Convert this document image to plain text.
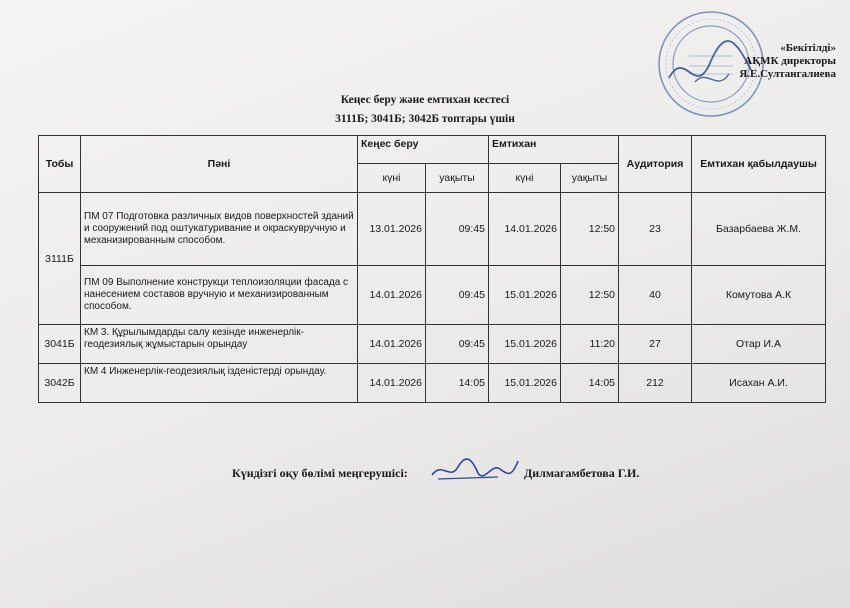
«Бекітілді»
АҚМК директоры
Я.Е.Султангалиева
Кеңес беру және емтихан кестесі
3111Б; 3041Б; 3042Б топтары үшін
Тобы	Пәні	Кеңес беру		Емтихан		Аудитория	Емтихан қабылдаушы
		күні	уақыты	күні	уақыты		
3111Б	ПМ 07 Подготовка различных видов поверхностей зданий и сооружений под оштукатуривание и окраскувручную и механизированным способом.	13.01.2026	09:45	14.01.2026	12:50	23	Базарбаева Ж.М.
	ПМ 09 Выполнение конструкци теплоизоляции фасада с нанесением составов вручную и механизированным способом.	14.01.2026	09:45	15.01.2026	12:50	40	Комутова А.К
3041Б	КМ 3. Құрылымдарды салу кезінде инженерлік-геодезиялық жұмыстарын орындау	14.01.2026	09:45	15.01.2026	11:20	27	Отар И.А
3042Б	КМ 4 Инженерлік-геодезиялық ізденістерді орындау.	14.01.2026	14:05	15.01.2026	14:05	212	Исахан А.И.
Күндізгі оқу бөлімі меңгерушісі:	Дилмагамбетова Г.И.
